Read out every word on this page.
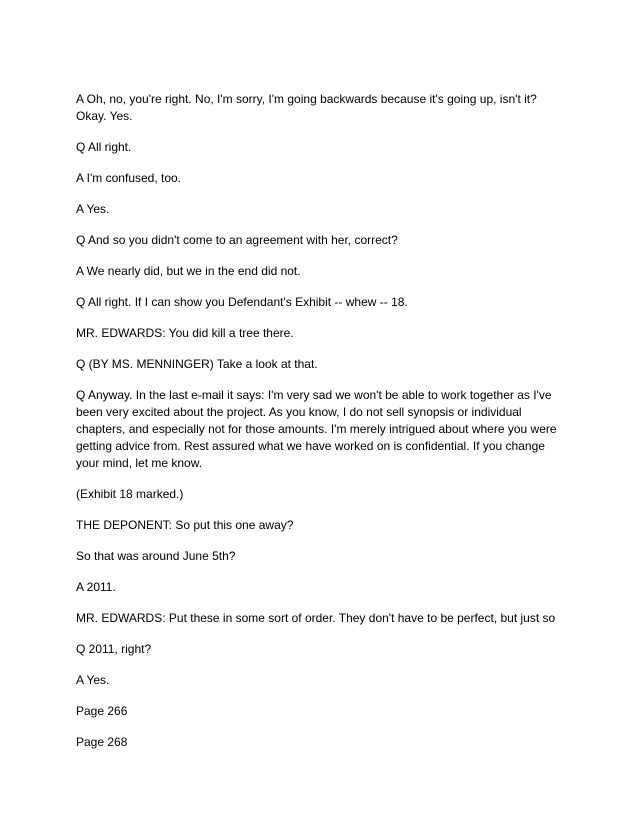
A Oh, no, you're right. No, I'm sorry, I'm going backwards because it's going up, isn't it? Okay. Yes.

Q All right.

A I'm confused, too.

A Yes.

Q And so you didn't come to an agreement with her, correct?

A We nearly did, but we in the end did not.

Q All right. If I can show you Defendant's Exhibit -- whew -- 18.

MR. EDWARDS: You did kill a tree there.

Q (BY MS. MENNINGER) Take a look at that.

Q Anyway. In the last e-mail it says: I'm very sad we won't be able to work together as I've been very excited about the project. As you know, I do not sell synopsis or individual chapters, and especially not for those amounts. I'm merely intrigued about where you were getting advice from. Rest assured what we have worked on is confidential. If you change your mind, let me know.

(Exhibit 18 marked.)

THE DEPONENT: So put this one away?

So that was around June 5th?

A 2011.

MR. EDWARDS: Put these in some sort of order. They don't have to be perfect, but just so

Q 2011, right?

A Yes.

Page 266

Page 268
